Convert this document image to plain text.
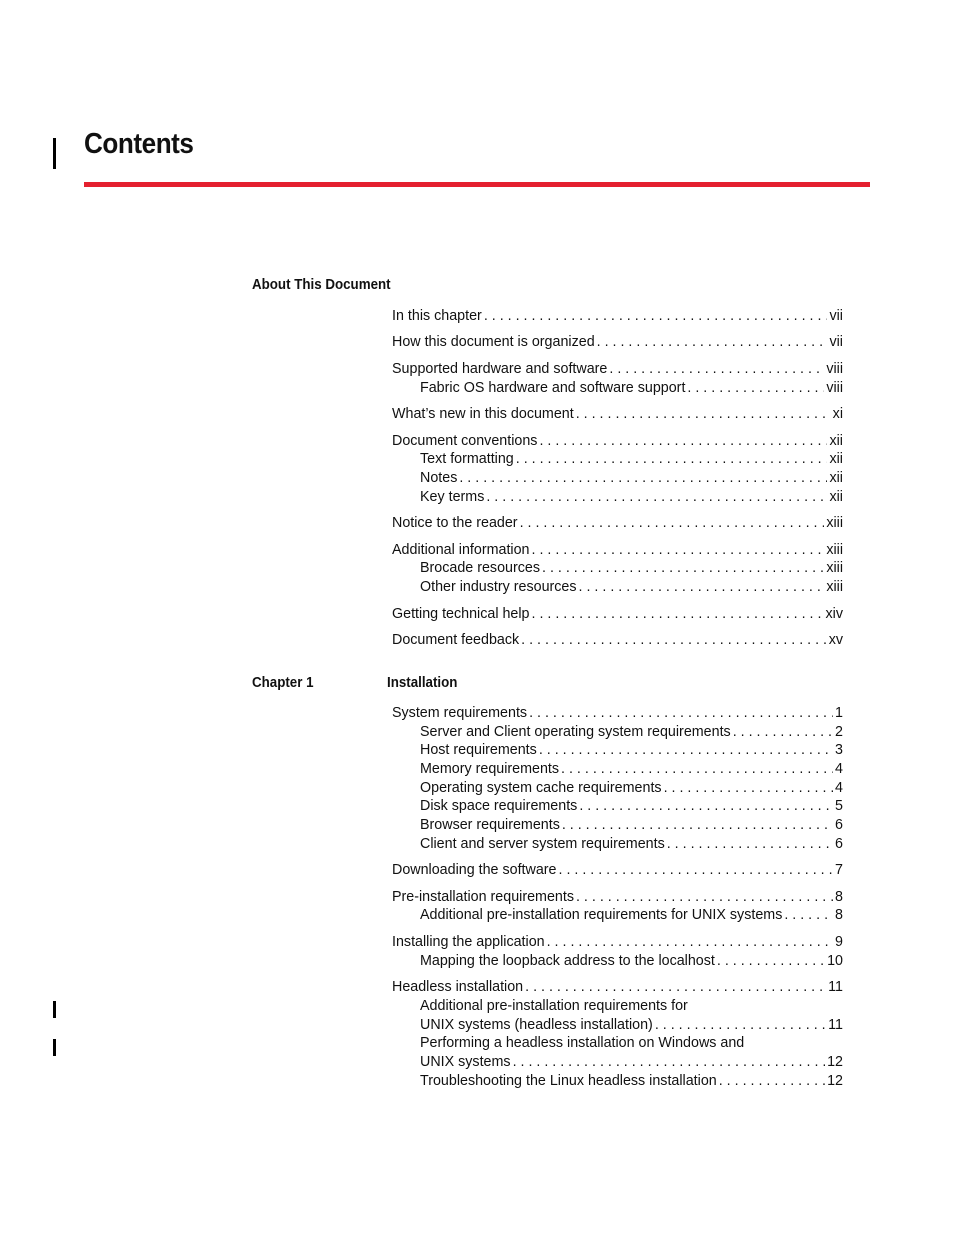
Contents
About This Document
In this chapter . . .	vii
How this document is organized . . .	vii
Supported hardware and software . . .	viii
Fabric OS hardware and software support . . .	viii
What’s new in this document . . .	xi
Document conventions . . .	xii
Text formatting . . .	xii
Notes . . .	xii
Key terms . . .	xii
Notice to the reader . . .	xiii
Additional information . . .	xiii
Brocade resources . . .	xiii
Other industry resources . . .	xiii
Getting technical help . . .	xiv
Document feedback . . .	xv
Chapter 1	Installation
System requirements . . .	1
Server and Client operating system requirements . . .	2
Host requirements . . .	3
Memory requirements . . .	4
Operating system cache requirements . . .	4
Disk space requirements . . .	5
Browser requirements . . .	6
Client and server system requirements . . .	6
Downloading the software . . .	7
Pre-installation requirements . . .	8
Additional pre-installation requirements for UNIX systems . . .	8
Installing the application . . .	9
Mapping the loopback address to the localhost . . .	10
Headless installation . . .	11
Additional pre-installation requirements for
UNIX systems (headless installation) . . .	11
Performing a headless installation on Windows and
UNIX systems . . .	12
Troubleshooting the Linux headless installation . . .	12
